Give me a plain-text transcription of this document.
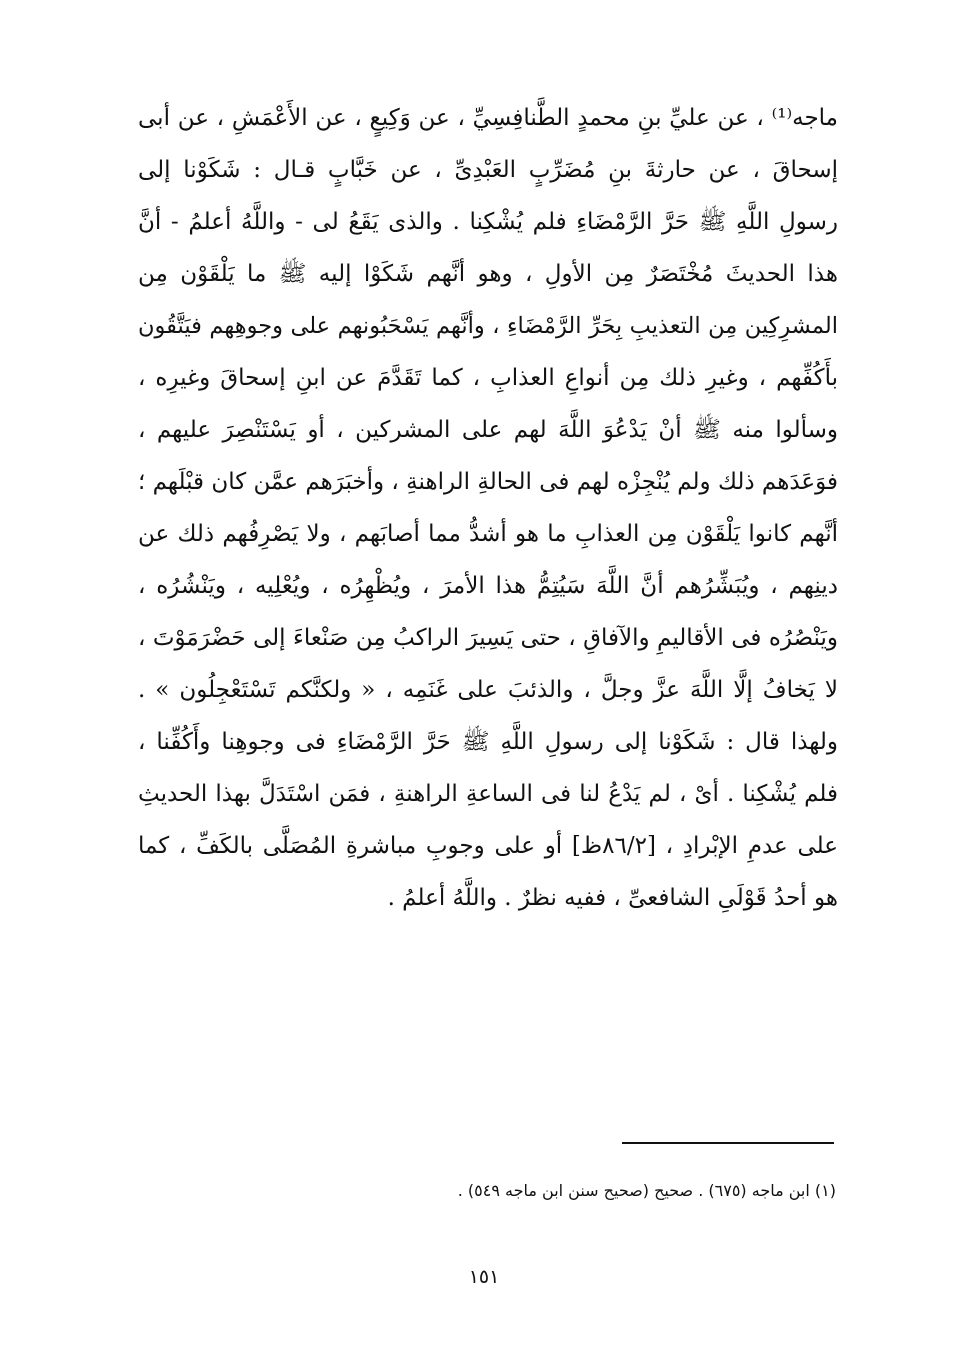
ماجه⁽¹⁾ ، عن عليِّ بنِ محمدٍ الطَّنافِسِيِّ ، عن وَكِيعٍ ، عن الأَعْمَشِ ، عن أبى
إسحاقَ ، عن حارثةَ بنِ مُضَرِّبٍ العَبْدِىِّ ، عن خَبَّابٍ قـال : شَكَوْنا إلى
رسولِ اللَّهِ ﷺ حَرَّ الرَّمْضَاءِ فلم يُشْكِنا . والذى يَقَعُ لى - واللَّهُ أعلمُ - أنَّ
هذا الحديثَ مُخْتَصَرٌ مِن الأولِ ، وهو أنَّهم شَكَوْا إليه ﷺ ما يَلْقَوْن مِن
المشرِكِين مِن التعذيبِ بِحَرِّ الرَّمْضَاءِ ، وأنَّهم يَسْحَبُونهم على وجوهِهم فيَتَّقُون
بأَكُفِّهم ، وغيرِ ذلك مِن أنواعِ العذابِ ، كما تَقَدَّمَ عن ابنِ إسحاقَ وغيرِه ،
وسألوا منه ﷺ أنْ يَدْعُوَ اللَّهَ لهم على المشركين ، أو يَسْتَنْصِرَ عليهم ،
فوَعَدَهم ذلك ولم يُنْجِزْه لهم فى الحالةِ الراهنةِ ، وأخبَرَهم عمَّن كان قبْلَهم ؛
أنَّهم كانوا يَلْقَوْن مِن العذابِ ما هو أشدُّ مما أصابَهم ، ولا يَصْرِفُهم ذلك عن
دينِهم ، ويُبَشِّرُهم أنَّ اللَّهَ سَيُتِمُّ هذا الأمرَ ، ويُظْهِرُه ، ويُعْلِيه ، ويَنْشُرُه ،
ويَنْصُرُه فى الأقاليمِ والآفاقِ ، حتى يَسِيرَ الراكبُ مِن صَنْعاءَ إلى حَضْرَمَوْتَ ،
لا يَخافُ إلَّا اللَّهَ عزَّ وجلَّ ، والذئبَ على غَنَمِه ، « ولكنَّكم تَسْتَعْجِلُون » .
ولهذا قال : شَكَوْنا إلى رسولِ اللَّهِ ﷺ حَرَّ الرَّمْضَاءِ فى وجوهِنا وأَكُفِّنا ،
فلم يُشْكِنا . أىْ ، لم يَدْعُ لنا فى الساعةِ الراهنةِ ، فمَن اسْتَدَلَّ بهذا الحديثِ
على عدمِ الإبْرادِ ، [٨٦/٢ظ] أو على وجوبِ مباشرةِ المُصَلَّى بالكَفِّ ، كما
هو أحدُ قَوْلَىِ الشافعىِّ ، ففيه نظرٌ . واللَّهُ أعلمُ .
(١) ابن ماجه (٦٧٥) . صحيح (صحيح سنن ابن ماجه ٥٤٩) .
١٥١
